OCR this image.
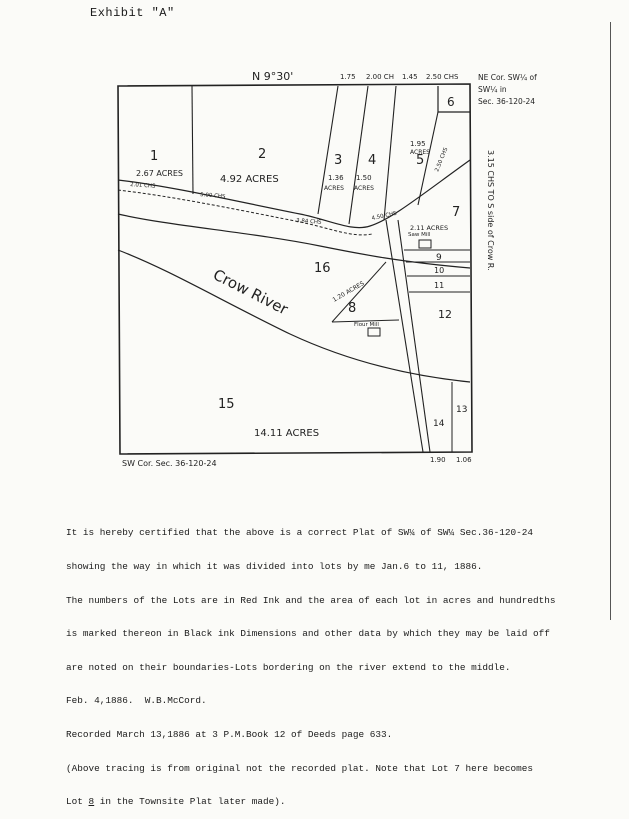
Exhibit "A"
N 9°30'	1.75 2.00 CH 1.45 2.50 CHS	NE Cor. SW¼ of
SW¼ in
Sec. 36-120-24
3.15 CHS TO S side of Crow R.
2.50 CHS
2.01 CHS
5.00 CHS
4.50 CHS
3.84 CHS
Crow River
Saw Mill
Flour Mill
SW Cor. Sec. 36-120-24	1.90 1.06
1
2.67 ACRES
2
4.92 ACRES
3
1.36
ACRES
4
1.50
ACRES
5
1.95
ACRES
6
7
2.11 ACRES
8
1.20 ACRES
9
10
11
12
13
14
15
14.11 ACRES
16

It is hereby certified that the above is a correct Plat of SW¼ of SW¼ Sec.36-120-24

showing the way in which it was divided into lots by me Jan.6 to 11, 1886.

The numbers of the Lots are in Red Ink and the area of each lot in acres and hundredths

is marked thereon in Black ink Dimensions and other data by which they may be laid off

are noted on their boundaries-Lots bordering on the river extend to the middle.

Feb. 4,1886.  W.B.McCord.

Recorded March 13,1886 at 3 P.M.Book 12 of Deeds page 633.

(Above tracing is from original not the recorded plat. Note that Lot 7 here becomes

Lot 8 in the Townsite Plat later made).
